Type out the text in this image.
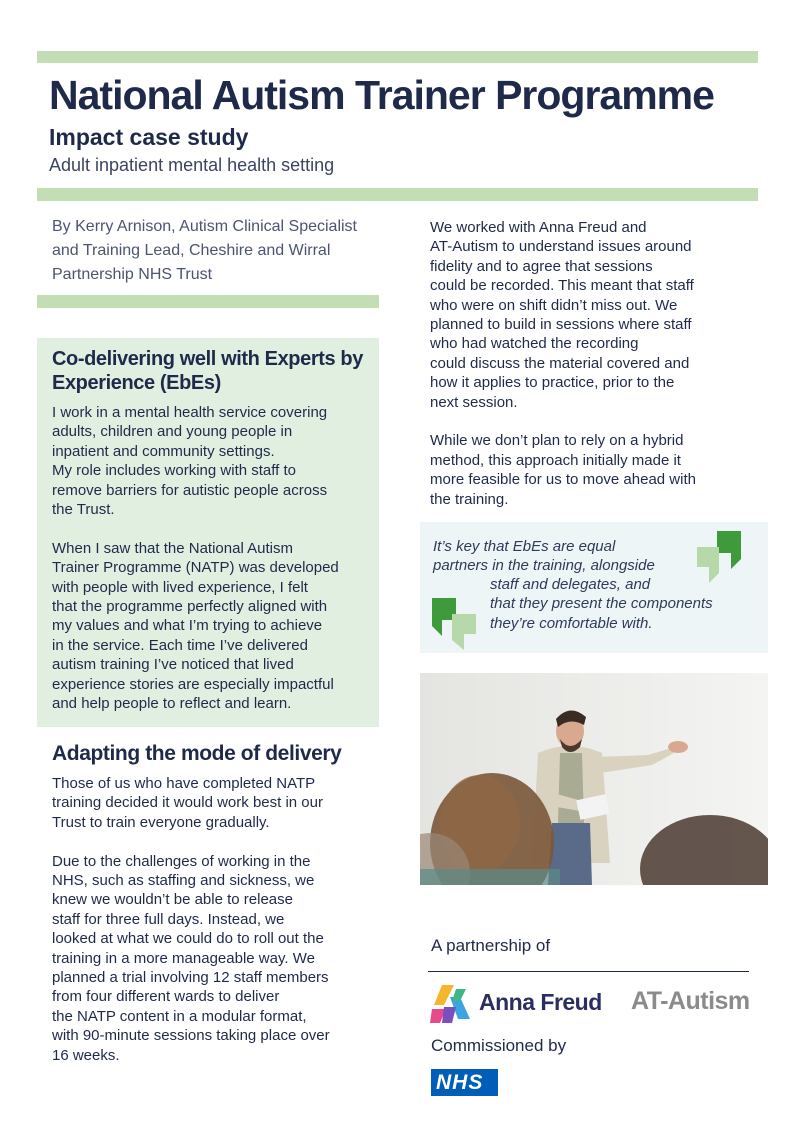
National Autism Trainer Programme
Impact case study
Adult inpatient mental health setting
By Kerry Arnison, Autism Clinical Specialist
and Training Lead, Cheshire and Wirral
Partnership NHS Trust
Co-delivering well with Experts by
Experience (EbEs)

I work in a mental health service covering
adults, children and young people in
inpatient and community settings.
My role includes working with staff to
remove barriers for autistic people across
the Trust.

When I saw that the National Autism
Trainer Programme (NATP) was developed
with people with lived experience, I felt
that the programme perfectly aligned with
my values and what I’m trying to achieve
in the service. Each time I’ve delivered
autism training I’ve noticed that lived
experience stories are especially impactful
and help people to reflect and learn.

Adapting the mode of delivery

Those of us who have completed NATP
training decided it would work best in our
Trust to train everyone gradually.

Due to the challenges of working in the
NHS, such as staffing and sickness, we
knew we wouldn’t be able to release
staff for three full days. Instead, we
looked at what we could do to roll out the
training in a more manageable way. We
planned a trial involving 12 staff members
from four different wards to deliver
the NATP content in a modular format,
with 90-minute sessions taking place over
16 weeks.

We worked with Anna Freud and
AT-Autism to understand issues around
fidelity and to agree that sessions
could be recorded. This meant that staff
who were on shift didn’t miss out. We
planned to build in sessions where staff
who had watched the recording
could discuss the material covered and
how it applies to practice, prior to the
next session.

While we don’t plan to rely on a hybrid
method, this approach initially made it
more feasible for us to move ahead with
the training.

It’s key that EbEs are equal
partners in the training, alongside
staff and delegates, and
that they present the components
they’re comfortable with.
A partnership of
Anna Freud AT-Autism
Commissioned by
NHS
